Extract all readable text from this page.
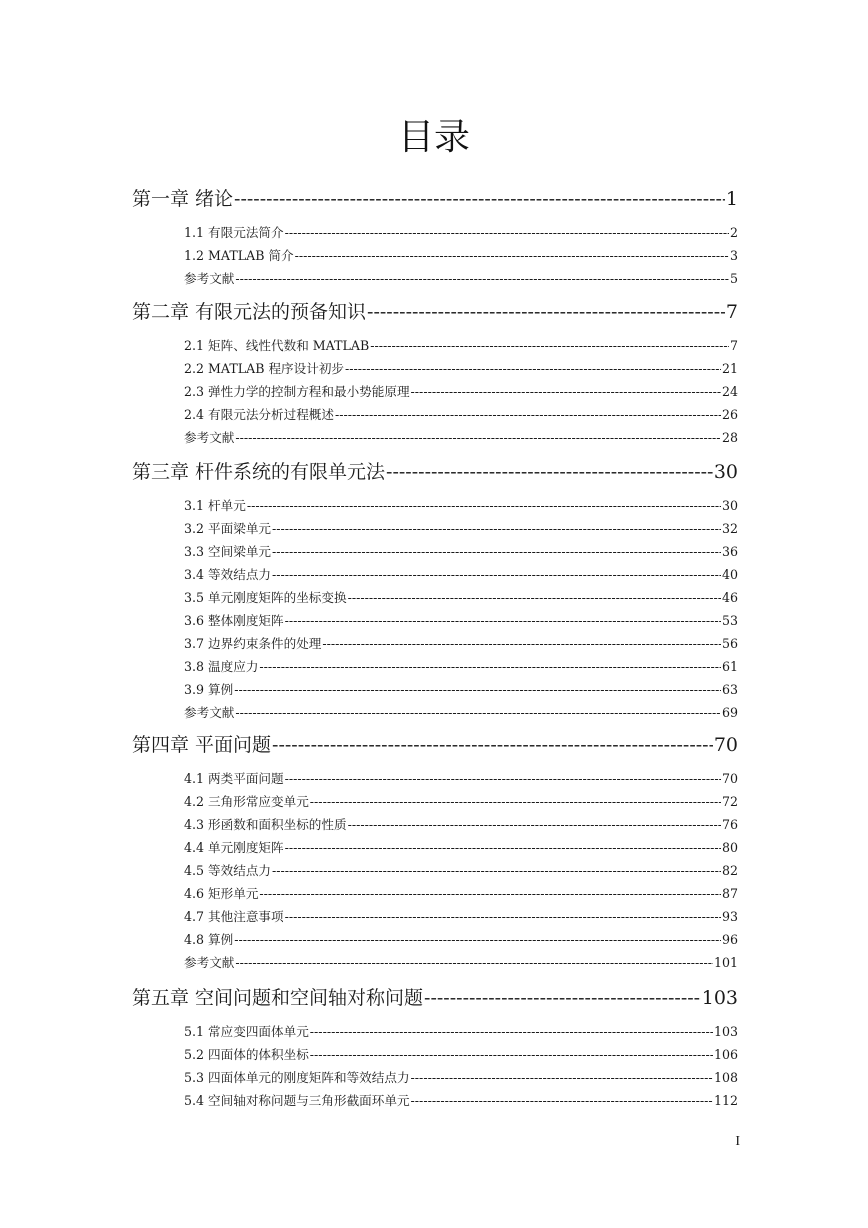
目录
第一章 绪论 -----	1
1.1 有限元法简介 -----	2
1.2 MATLAB 简介 -----	3
参考文献 -----	5
第二章 有限元法的预备知识 -----	7
2.1 矩阵、线性代数和 MATLAB -----	7
2.2 MATLAB 程序设计初步 -----	21
2.3 弹性力学的控制方程和最小势能原理 -----	24
2.4 有限元法分析过程概述 -----	26
参考文献 -----	28
第三章 杆件系统的有限单元法 -----	30
3.1 杆单元 -----	30
3.2 平面梁单元 -----	32
3.3 空间梁单元 -----	36
3.4 等效结点力 -----	40
3.5 单元刚度矩阵的坐标变换 -----	46
3.6 整体刚度矩阵 -----	53
3.7 边界约束条件的处理 -----	56
3.8 温度应力 -----	61
3.9 算例 -----	63
参考文献 -----	69
第四章 平面问题 -----	70
4.1 两类平面问题 -----	70
4.2 三角形常应变单元 -----	72
4.3 形函数和面积坐标的性质 -----	76
4.4 单元刚度矩阵 -----	80
4.5 等效结点力 -----	82
4.6 矩形单元 -----	87
4.7 其他注意事项 -----	93
4.8 算例 -----	96
参考文献 -----	101
第五章 空间问题和空间轴对称问题 -----	103
5.1 常应变四面体单元 -----	103
5.2 四面体的体积坐标 -----	106
5.3 四面体单元的刚度矩阵和等效结点力 -----	108
5.4 空间轴对称问题与三角形截面环单元 -----	112
I
